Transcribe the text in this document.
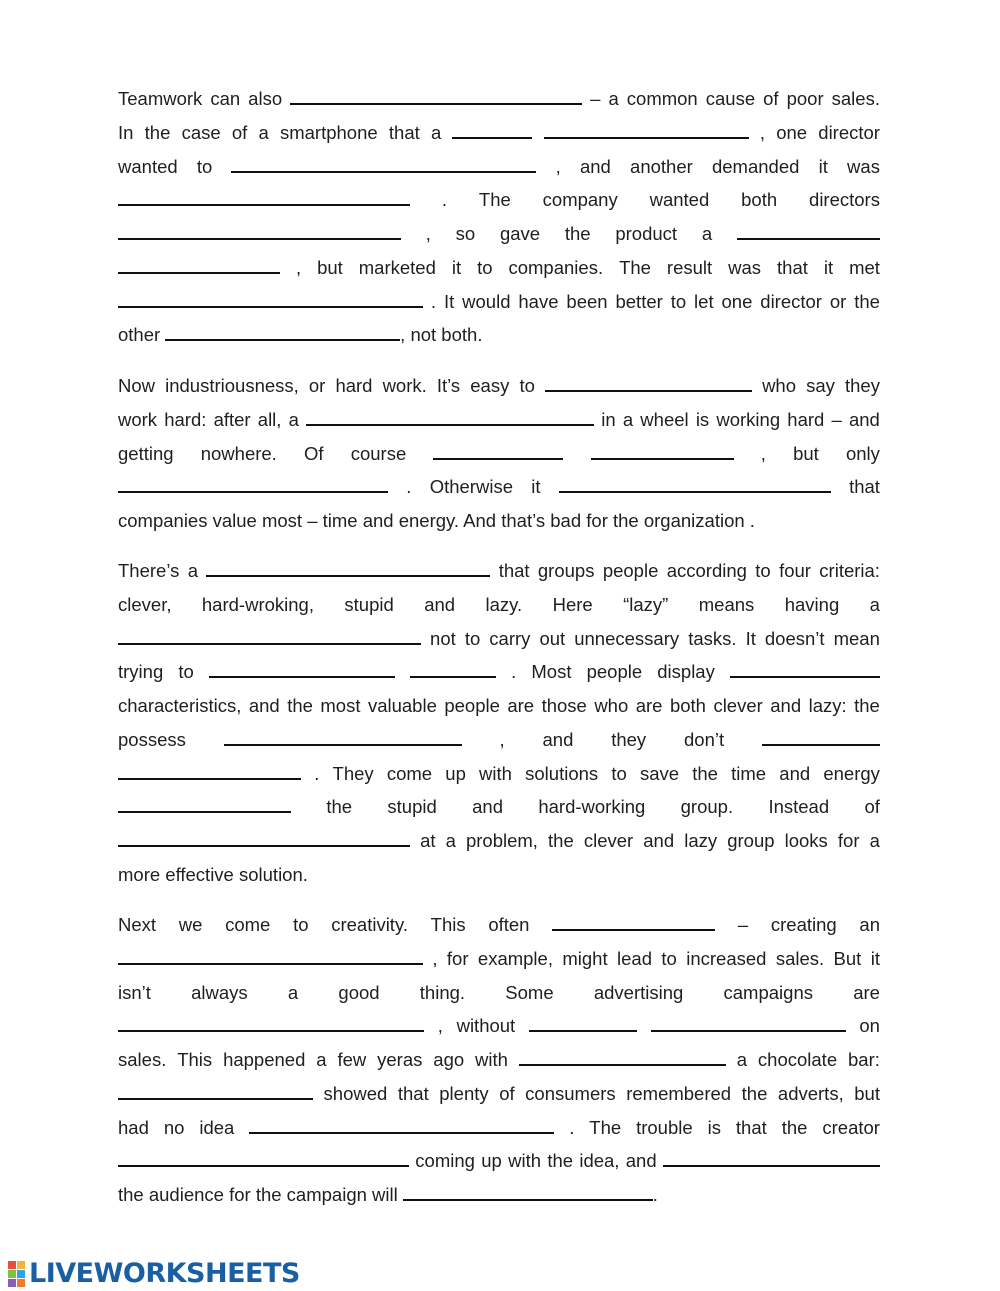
Teamwork can also	– a common cause of poor sales.
In the case of a smartphone that a	, one director
wanted to	, and another demanded it was
. The company wanted both directors
, so gave the product a
, but marketed it to companies. The result was that it met
. It would have been better to let one director or the
other	, not both.
Now industriousness, or hard work. It’s easy to	who say they
work hard: after all, a	in a wheel is working hard – and
getting nowhere. Of course	, but only
. Otherwise it	that
companies value most – time and energy. And that’s bad for the organization .
There’s a	that groups people according to four criteria:
clever, hard-wroking, stupid and lazy. Here “lazy” means having a
not to carry out unnecessary tasks. It doesn’t mean
trying to	. Most people display
characteristics, and the most valuable people are those who are both clever and lazy: the
possess	, and they don’t
. They come up with solutions to save the time and energy
the stupid and hard-working group. Instead of
at a problem, the clever and lazy group looks for a
more effective solution.
Next we come to creativity. This often	– creating an
, for example, might lead to increased sales. But it
isn’t always a good thing. Some advertising campaigns are
, without	on
sales. This happened a few yeras ago with	a chocolate bar:
showed that plenty of consumers remembered the adverts, but
had no idea	. The trouble is that the creator
coming up with the idea, and
the audience for the campaign will	.
LIVEWORKSHEETS
